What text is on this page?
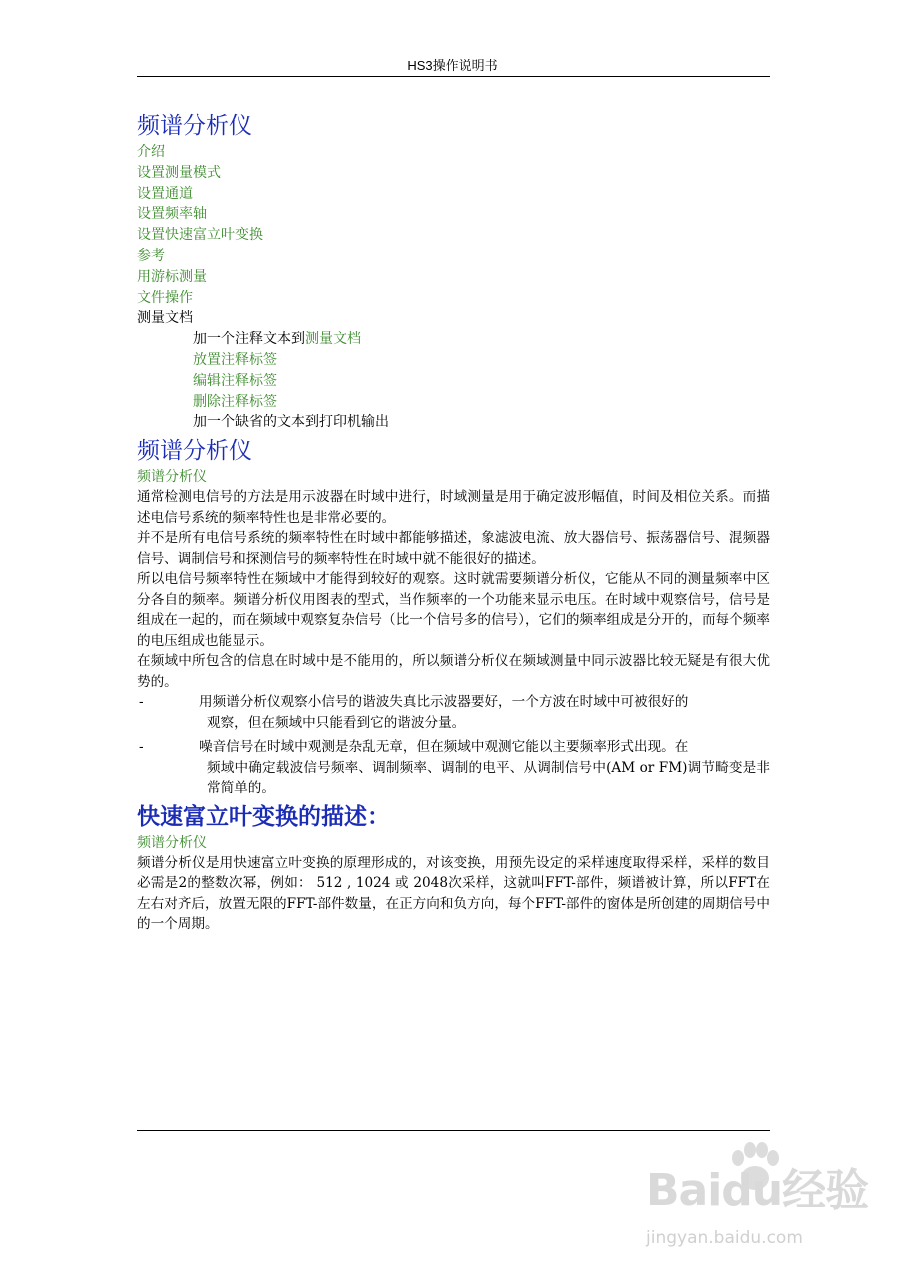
HS3操作说明书
频谱分析仪
介绍
设置测量模式
设置通道
设置频率轴
设置快速富立叶变换
参考
用游标测量
文件操作
测量文档
加一个注释文本到测量文档
放置注释标签
编辑注释标签
删除注释标签
加一个缺省的文本到打印机输出
频谱分析仪
频谱分析仪

通常检测电信号的方法是用示波器在时域中进行，时域测量是用于确定波形幅值，时间及相位关系。而描述电信号系统的频率特性也是非常必要的。

并不是所有电信号系统的频率特性在时域中都能够描述，象滤波电流、放大器信号、振荡器信号、混频器信号、调制信号和探测信号的频率特性在时域中就不能很好的描述。

所以电信号频率特性在频域中才能得到较好的观察。这时就需要频谱分析仪，它能从不同的测量频率中区分各自的频率。频谱分析仪用图表的型式，当作频率的一个功能来显示电压。在时域中观察信号，信号是组成在一起的，而在频域中观察复杂信号（比一个信号多的信号），它们的频率组成是分开的，而每个频率的电压组成也能显示。

在频域中所包含的信息在时域中是不能用的，所以频谱分析仪在频域测量中同示波器比较无疑是有很大优势的。

-	用频谱分析仪观察小信号的谐波失真比示波器要好，一个方波在时域中可被很好的
观察，但在频域中只能看到它的谐波分量。
-	噪音信号在时域中观测是杂乱无章，但在频域中观测它能以主要频率形式出现。在
频域中确定载波信号频率、调制频率、调制的电平、从调制信号中(AM or FM)调节畸变是非常简单的。
快速富立叶变换的描述：
频谱分析仪

频谱分析仪是用快速富立叶变换的原理形成的，对该变换，用预先设定的采样速度取得采样，采样的数目必需是2的整数次幂，例如： 512 , 1024 或 2048次采样，这就叫FFT-部件，频谱被计算，所以FFT在左右对齐后，放置无限的FFT-部件数量，在正方向和负方向，每个FFT-部件的窗体是所创建的周期信号中的一个周期。

Baidu经验
jingyan.baidu.com
